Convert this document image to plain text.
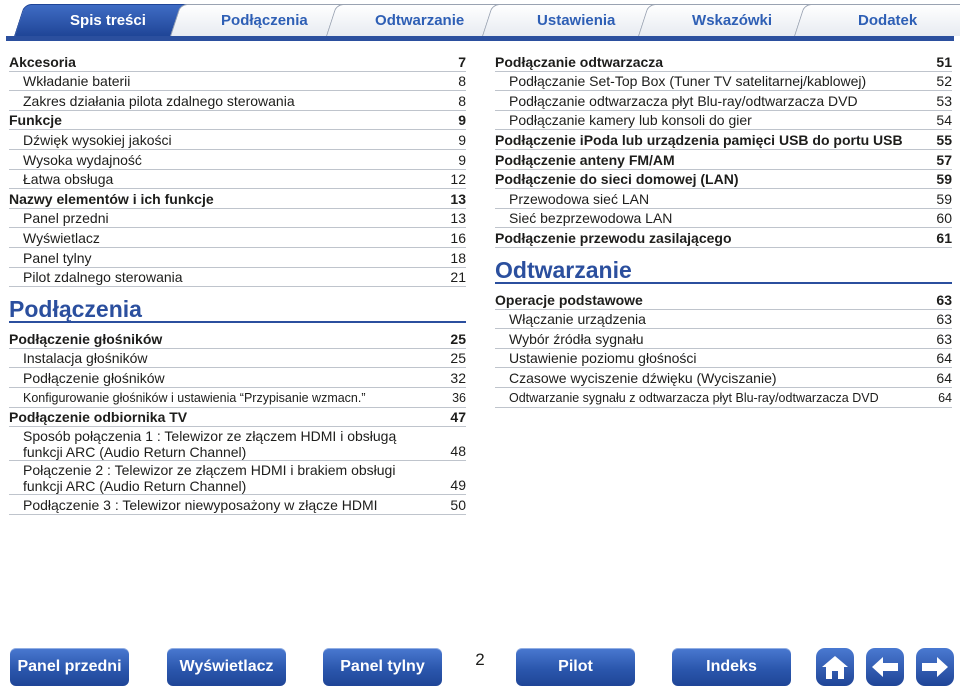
Spis treści	Podłączenia	Odtwarzanie	Ustawienia	Wskazówki	Dodatek
Akcesoria	7
Wkładanie baterii	8
Zakres działania pilota zdalnego sterowania	8
Funkcje	9
Dźwięk wysokiej jakości	9
Wysoka wydajność	9
Łatwa obsługa	12
Nazwy elementów i ich funkcje	13
Panel przedni	13
Wyświetlacz	16
Panel tylny	18
Pilot zdalnego sterowania	21
Podłączenia
Podłączenie głośników	25
Instalacja głośników	25
Podłączenie głośników	32
Konfigurowanie głośników i ustawienia “Przypisanie wzmacn.”	36
Podłączenie odbiornika TV	47
Sposób połączenia 1 : Telewizor ze złączem HDMI i obsługą
funkcji ARC (Audio Return Channel)	48
Połączenie 2 : Telewizor ze złączem HDMI i brakiem obsługi
funkcji ARC (Audio Return Channel)	49
Podłączenie 3 : Telewizor niewyposażony w złącze HDMI	50
Podłączanie odtwarzacza	51
Podłączanie Set-Top Box (Tuner TV satelitarnej/kablowej)	52
Podłączanie odtwarzacza płyt Blu-ray/odtwarzacza DVD	53
Podłączanie kamery lub konsoli do gier	54
Podłączenie iPoda lub urządzenia pamięci USB do portu USB	55
Podłączenie anteny FM/AM	57
Podłączenie do sieci domowej (LAN)	59
Przewodowa sieć LAN	59
Sieć bezprzewodowa LAN	60
Podłączenie przewodu zasilającego	61
Odtwarzanie
Operacje podstawowe	63
Włączanie urządzenia	63
Wybór źródła sygnału	63
Ustawienie poziomu głośności	64
Czasowe wyciszenie dźwięku (Wyciszanie)	64
Odtwarzanie sygnału z odtwarzacza płyt Blu-ray/odtwarzacza DVD	64
Panel przedni	Wyświetlacz	Panel tylny	2	Pilot	Indeks
